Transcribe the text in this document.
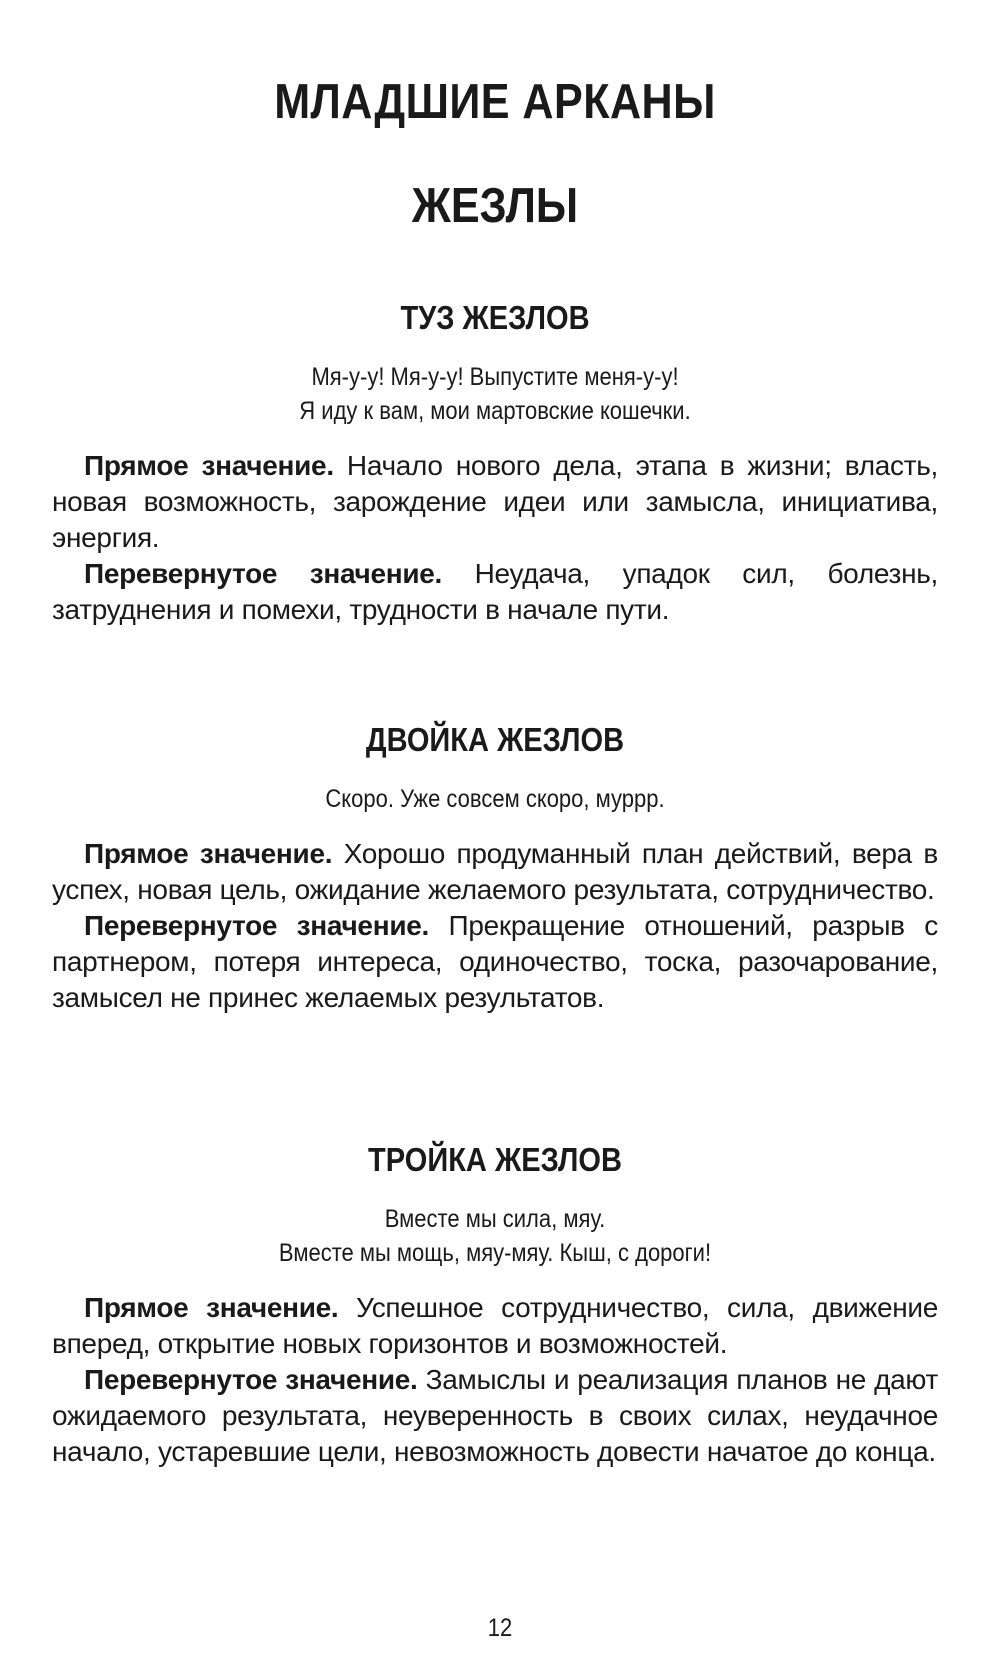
МЛАДШИЕ АРКАНЫ
ЖЕЗЛЫ
ТУЗ ЖЕЗЛОВ

Мя-у-у! Мя-у-у! Выпустите меня-у-у!

Я иду к вам, мои мартовские кошечки.

Прямое значение. Начало нового дела, этапа в жизни; власть, новая возможность, зарождение идеи или замысла, инициатива, энергия.

Перевернутое значение. Неудача, упадок сил, болезнь, затруднения и помехи, трудности в начале пути.

ДВОЙКА ЖЕЗЛОВ

Скоро. Уже совсем скоро, муррр.

Прямое значение. Хорошо продуманный план действий, вера в успех, новая цель, ожидание желаемого результата, сотрудничество.

Перевернутое значение. Прекращение отношений, разрыв с партнером, потеря интереса, одиночество, тоска, разочарование, замысел не принес желаемых результатов.

ТРОЙКА ЖЕЗЛОВ

Вместе мы сила, мяу.

Вместе мы мощь, мяу-мяу. Кыш, с дороги!

Прямое значение. Успешное сотрудничество, сила, движение вперед, открытие новых горизонтов и возможностей.

Перевернутое значение. Замыслы и реализация планов не дают ожидаемого результата, неуверенность в своих силах, неудачное начало, устаревшие цели, невозможность довести начатое до конца.

12
